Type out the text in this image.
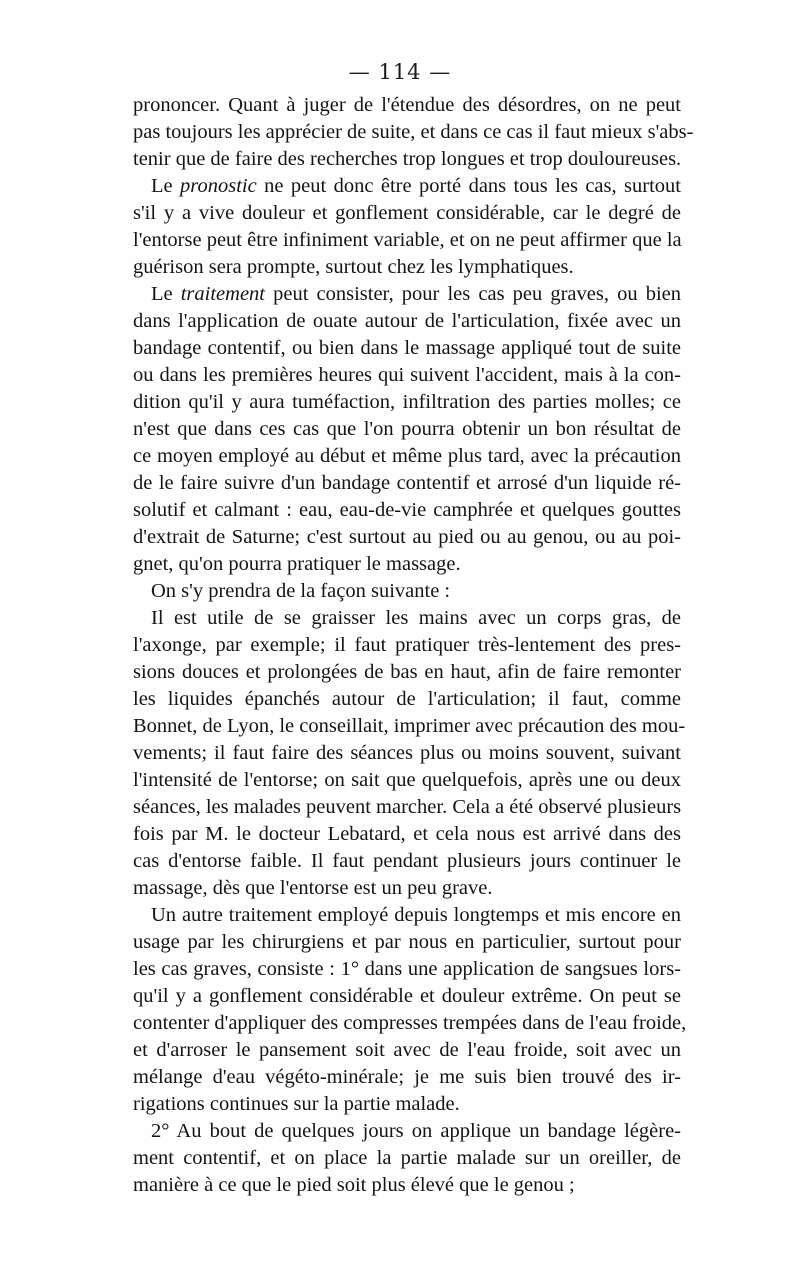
— 114 —
prononcer. Quant à juger de l'étendue des désordres, on ne peut
pas toujours les apprécier de suite, et dans ce cas il faut mieux s'abs-
tenir que de faire des recherches trop longues et trop douloureuses.
Le pronostic ne peut donc être porté dans tous les cas, surtout
s'il y a vive douleur et gonflement considérable, car le degré de
l'entorse peut être infiniment variable, et on ne peut affirmer que la
guérison sera prompte, surtout chez les lymphatiques.
Le traitement peut consister, pour les cas peu graves, ou bien
dans l'application de ouate autour de l'articulation, fixée avec un
bandage contentif, ou bien dans le massage appliqué tout de suite
ou dans les premières heures qui suivent l'accident, mais à la con-
dition qu'il y aura tuméfaction, infiltration des parties molles; ce
n'est que dans ces cas que l'on pourra obtenir un bon résultat de
ce moyen employé au début et même plus tard, avec la précaution
de le faire suivre d'un bandage contentif et arrosé d'un liquide ré-
solutif et calmant : eau, eau-de-vie camphrée et quelques gouttes
d'extrait de Saturne; c'est surtout au pied ou au genou, ou au poi-
gnet, qu'on pourra pratiquer le massage.
On s'y prendra de la façon suivante :
Il est utile de se graisser les mains avec un corps gras, de
l'axonge, par exemple; il faut pratiquer très-lentement des pres-
sions douces et prolongées de bas en haut, afin de faire remonter
les liquides épanchés autour de l'articulation; il faut, comme
Bonnet, de Lyon, le conseillait, imprimer avec précaution des mou-
vements; il faut faire des séances plus ou moins souvent, suivant
l'intensité de l'entorse; on sait que quelquefois, après une ou deux
séances, les malades peuvent marcher. Cela a été observé plusieurs
fois par M. le docteur Lebatard, et cela nous est arrivé dans des
cas d'entorse faible. Il faut pendant plusieurs jours continuer le
massage, dès que l'entorse est un peu grave.
Un autre traitement employé depuis longtemps et mis encore en
usage par les chirurgiens et par nous en particulier, surtout pour
les cas graves, consiste : 1° dans une application de sangsues lors-
qu'il y a gonflement considérable et douleur extrême. On peut se
contenter d'appliquer des compresses trempées dans de l'eau froide,
et d'arroser le pansement soit avec de l'eau froide, soit avec un
mélange d'eau végéto-minérale; je me suis bien trouvé des ir-
rigations continues sur la partie malade.
2° Au bout de quelques jours on applique un bandage légère-
ment contentif, et on place la partie malade sur un oreiller, de
manière à ce que le pied soit plus élevé que le genou ;
